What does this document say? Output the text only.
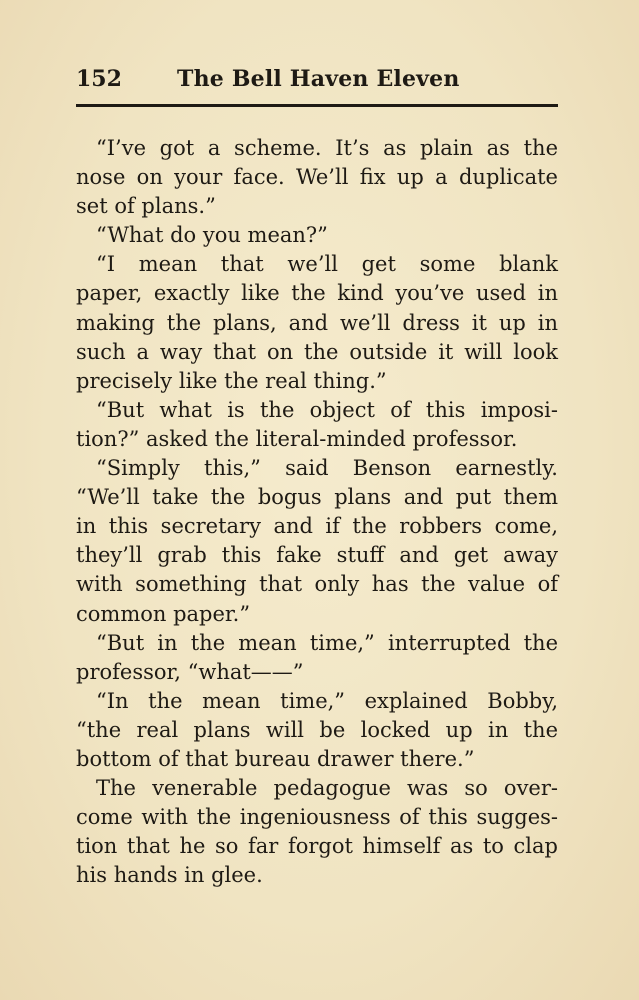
152	The Bell Haven Eleven
“I’ve got a scheme. It’s as plain as the
nose on your face. We’ll fix up a duplicate
set of plans.”
“What do you mean?”
“I mean that we’ll get some blank
paper, exactly like the kind you’ve used in
making the plans, and we’ll dress it up in
such a way that on the outside it will look
precisely like the real thing.”
“But what is the object of this imposi-
tion?” asked the literal-minded professor.
“Simply this,” said Benson earnestly.
“We’ll take the bogus plans and put them
in this secretary and if the robbers come,
they’ll grab this fake stuff and get away
with something that only has the value of
common paper.”
“But in the mean time,” interrupted the
professor, “what——”
“In the mean time,” explained Bobby,
“the real plans will be locked up in the
bottom of that bureau drawer there.”
The venerable pedagogue was so over-
come with the ingeniousness of this sugges-
tion that he so far forgot himself as to clap
his hands in glee.
